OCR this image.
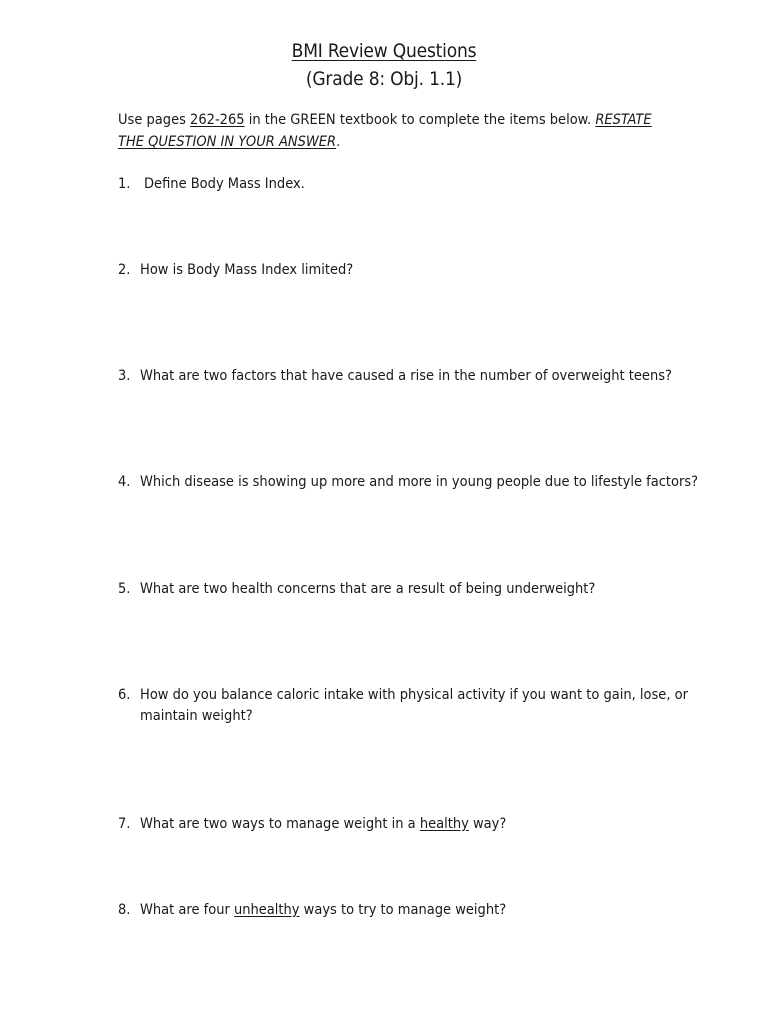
BMI Review Questions
(Grade 8: Obj. 1.1)
Use pages 262-265 in the GREEN textbook to complete the items below. RESTATE THE QUESTION IN YOUR ANSWER.
1. Define Body Mass Index.
2. How is Body Mass Index limited?
3. What are two factors that have caused a rise in the number of overweight teens?
4. Which disease is showing up more and more in young people due to lifestyle factors?
5. What are two health concerns that are a result of being underweight?
6. How do you balance caloric intake with physical activity if you want to gain, lose, or maintain weight?
7. What are two ways to manage weight in a healthy way?
8. What are four unhealthy ways to try to manage weight?
